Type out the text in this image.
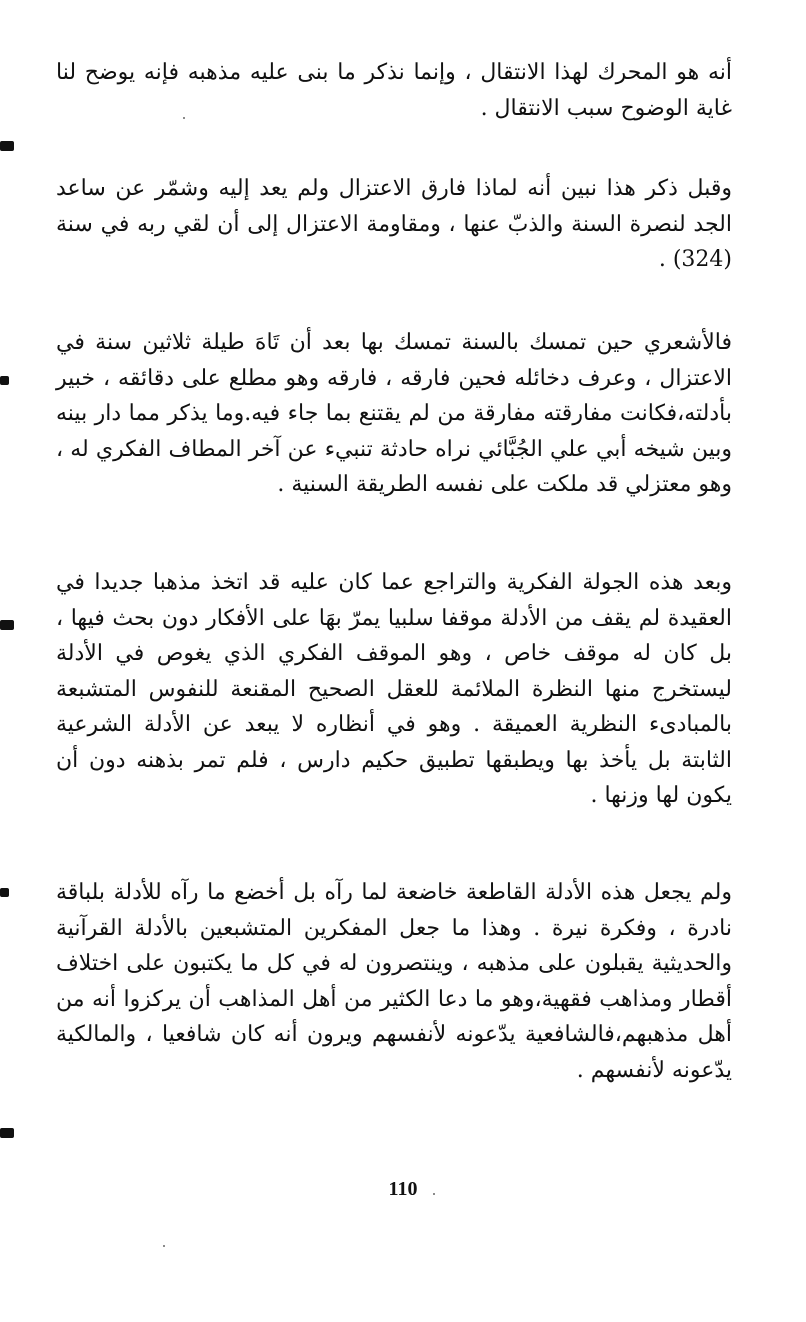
أنه هو المحرك لهذا الانتقال ، وإنما نذكر ما بنى عليه مذهبه فإنه يوضح لنا غاية الوضوح سبب الانتقال .

وقبل ذكر هذا نبين أنه لماذا فارق الاعتزال ولم يعد إليه وشمّر عن ساعد الجد لنصرة السنة والذبّ عنها ، ومقاومة الاعتزال إلى أن لقي ربه في سنة (324) .

فالأشعري حين تمسك بالسنة تمسك بها بعد أن تَاهَ طيلة ثلاثين سنة في الاعتزال ، وعرف دخائله فحين فارقه ، فارقه وهو مطلع على دقائقه ، خبير بأدلته،فكانت مفارقته مفارقة من لم يقتنع بما جاء فيه.وما يذكر مما دار بينه وبين شيخه أبي علي الجُبَّائي نراه حادثة تنبيء عن آخر المطاف الفكري له ، وهو معتزلي قد ملكت على نفسه الطريقة السنية .

وبعد هذه الجولة الفكرية والتراجع عما كان عليه قد اتخذ مذهبا جديدا في العقيدة لم يقف من الأدلة موقفا سلبيا يمرّ بهَا على الأفكار دون بحث فيها ، بل كان له موقف خاص ، وهو الموقف الفكري الذي يغوص في الأدلة ليستخرج منها النظرة الملائمة للعقل الصحيح المقنعة للنفوس المتشبعة بالمبادىء النظرية العميقة . وهو في أنظاره لا يبعد عن الأدلة الشرعية الثابتة بل يأخذ بها ويطبقها تطبيق حكيم دارس ، فلم تمر بذهنه دون أن يكون لها وزنها .

ولم يجعل هذه الأدلة القاطعة خاضعة لما رآه بل أخضع ما رآه للأدلة بلباقة نادرة ، وفكرة نيرة . وهذا ما جعل المفكرين المتشبعين بالأدلة القرآنية والحديثية يقبلون على مذهبه ، وينتصرون له في كل ما يكتبون على اختلاف أقطار ومذاهب فقهية،وهو ما دعا الكثير من أهل المذاهب أن يركزوا أنه من أهل مذهبهم،فالشافعية يدّعونه لأنفسهم ويرون أنه كان شافعيا ، والمالكية يدّعونه لأنفسهم .

110
